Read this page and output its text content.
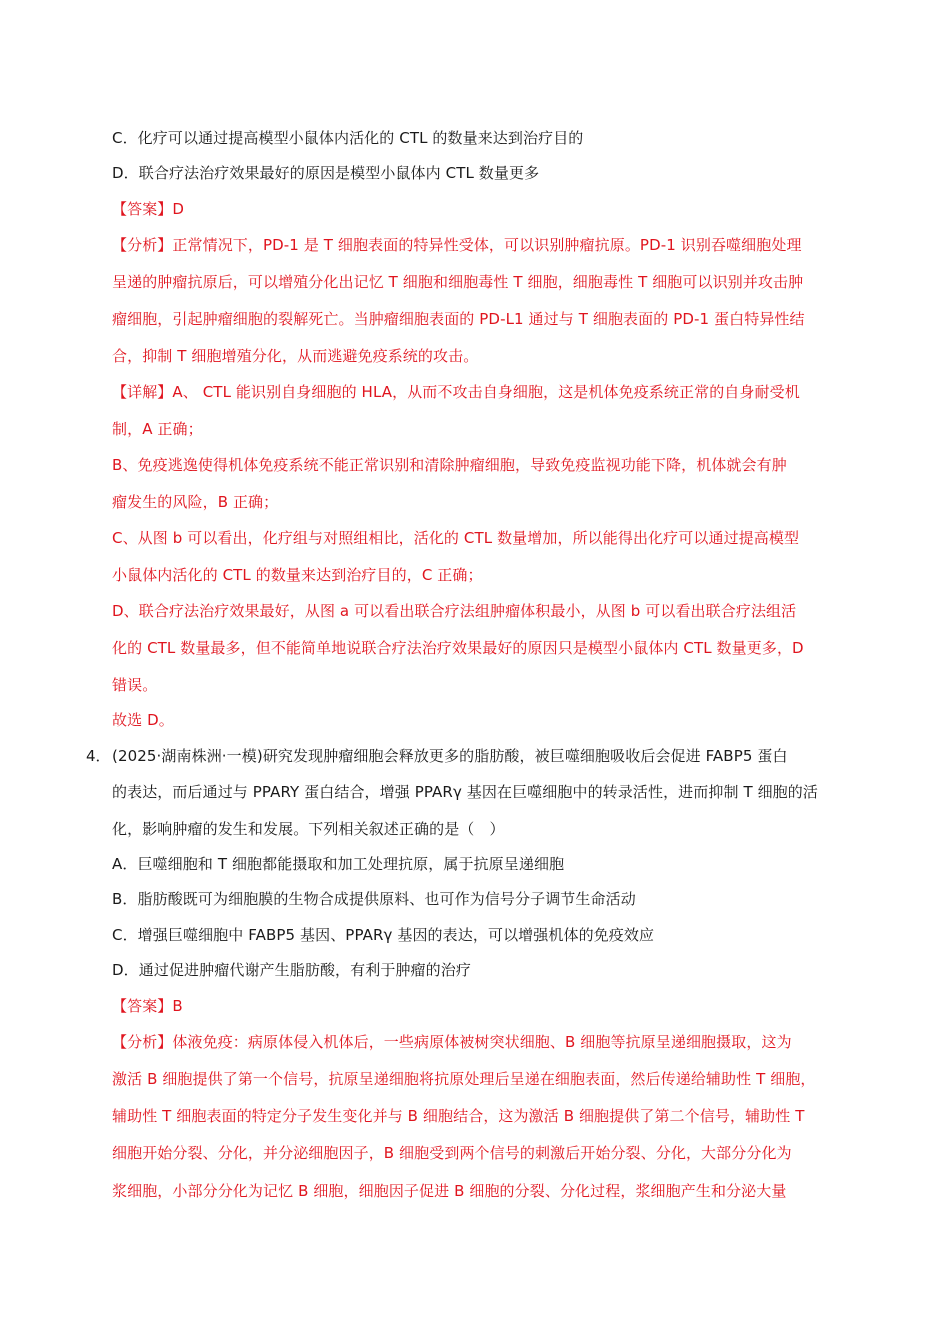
C．化疗可以通过提高模型小鼠体内活化的 CTL 的数量来达到治疗目的
D．联合疗法治疗效果最好的原因是模型小鼠体内 CTL 数量更多
【答案】D
【分析】正常情况下，PD-1 是 T 细胞表面的特异性受体，可以识别肿瘤抗原。PD-1 识别吞噬细胞处理
呈递的肿瘤抗原后，可以增殖分化出记忆 T 细胞和细胞毒性 T 细胞，细胞毒性 T 细胞可以识别并攻击肿
瘤细胞，引起肿瘤细胞的裂解死亡。当肿瘤细胞表面的 PD-L1 通过与 T 细胞表面的 PD-1 蛋白特异性结
合，抑制 T 细胞增殖分化，从而逃避免疫系统的攻击。
【详解】A、 CTL 能识别自身细胞的 HLA，从而不攻击自身细胞，这是机体免疫系统正常的自身耐受机
制，A 正确；
B、免疫逃逸使得机体免疫系统不能正常识别和清除肿瘤细胞，导致免疫监视功能下降，机体就会有肿
瘤发生的风险，B 正确；
C、从图 b 可以看出，化疗组与对照组相比，活化的 CTL 数量增加，所以能得出化疗可以通过提高模型
小鼠体内活化的 CTL 的数量来达到治疗目的，C 正确；
D、联合疗法治疗效果最好，从图 a 可以看出联合疗法组肿瘤体积最小，从图 b 可以看出联合疗法组活
化的 CTL 数量最多，但不能简单地说联合疗法治疗效果最好的原因只是模型小鼠体内 CTL 数量更多，D
错误。
故选 D。
4． (2025·湖南株洲·一模)研究发现肿瘤细胞会释放更多的脂肪酸，被巨噬细胞吸收后会促进 FABP5 蛋白
的表达，而后通过与 PPARY 蛋白结合，增强 PPARγ 基因在巨噬细胞中的转录活性，进而抑制 T 细胞的活
化，影响肿瘤的发生和发展。下列相关叙述正确的是（　）
A．巨噬细胞和 T 细胞都能摄取和加工处理抗原，属于抗原呈递细胞
B．脂肪酸既可为细胞膜的生物合成提供原料、也可作为信号分子调节生命活动
C．增强巨噬细胞中 FABP5 基因、PPARγ 基因的表达，可以增强机体的免疫效应
D．通过促进肿瘤代谢产生脂肪酸，有利于肿瘤的治疗
【答案】B
【分析】体液免疫：病原体侵入机体后，一些病原体被树突状细胞、B 细胞等抗原呈递细胞摄取，这为
激活 B 细胞提供了第一个信号，抗原呈递细胞将抗原处理后呈递在细胞表面，然后传递给辅助性 T 细胞，
辅助性 T 细胞表面的特定分子发生变化并与 B 细胞结合，这为激活 B 细胞提供了第二个信号，辅助性 T
细胞开始分裂、分化，并分泌细胞因子，B 细胞受到两个信号的刺激后开始分裂、分化，大部分分化为
浆细胞，小部分分化为记忆 B 细胞，细胞因子促进 B 细胞的分裂、分化过程，浆细胞产生和分泌大量
